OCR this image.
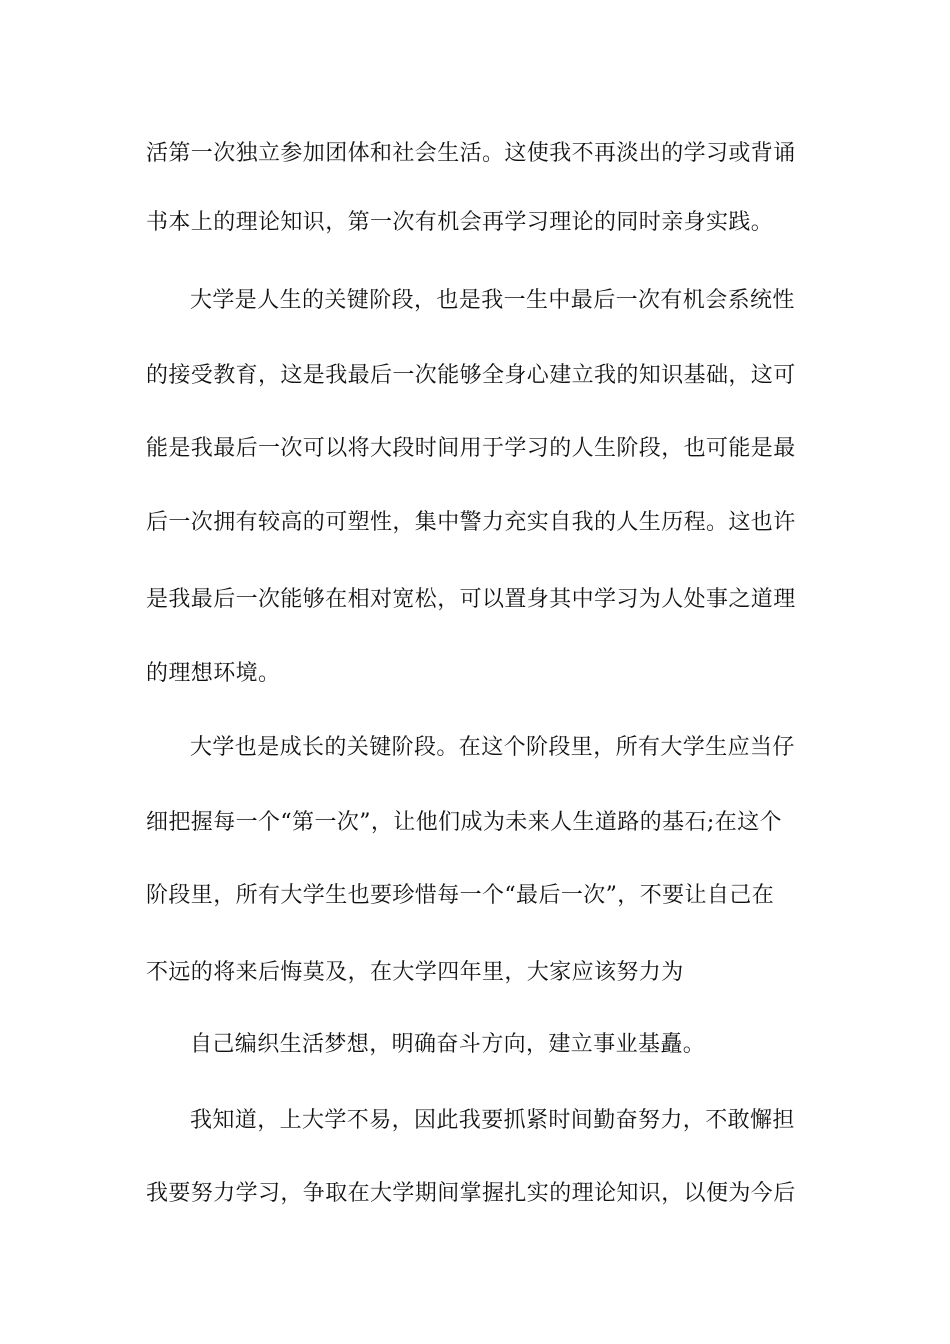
活第一次独立参加团体和社会生活。这使我不再淡出的学习或背诵
书本上的理论知识，第一次有机会再学习理论的同时亲身实践。
大学是人生的关键阶段，也是我一生中最后一次有机会系统性
的接受教育，这是我最后一次能够全身心建立我的知识基础，这可
能是我最后一次可以将大段时间用于学习的人生阶段，也可能是最
后一次拥有较高的可塑性，集中警力充实自我的人生历程。这也许
是我最后一次能够在相对宽松，可以置身其中学习为人处事之道理
的理想环境。
大学也是成长的关键阶段。在这个阶段里，所有大学生应当仔
细把握每一个“第一次”，让他们成为未来人生道路的基石;在这个
阶段里，所有大学生也要珍惜每一个“最后一次”，不要让自己在
不远的将来后悔莫及，在大学四年里，大家应该努力为
自己编织生活梦想，明确奋斗方向，建立事业基矗。
我知道，上大学不易，因此我要抓紧时间勤奋努力，不敢懈担
我要努力学习，争取在大学期间掌握扎实的理论知识，以便为今后
